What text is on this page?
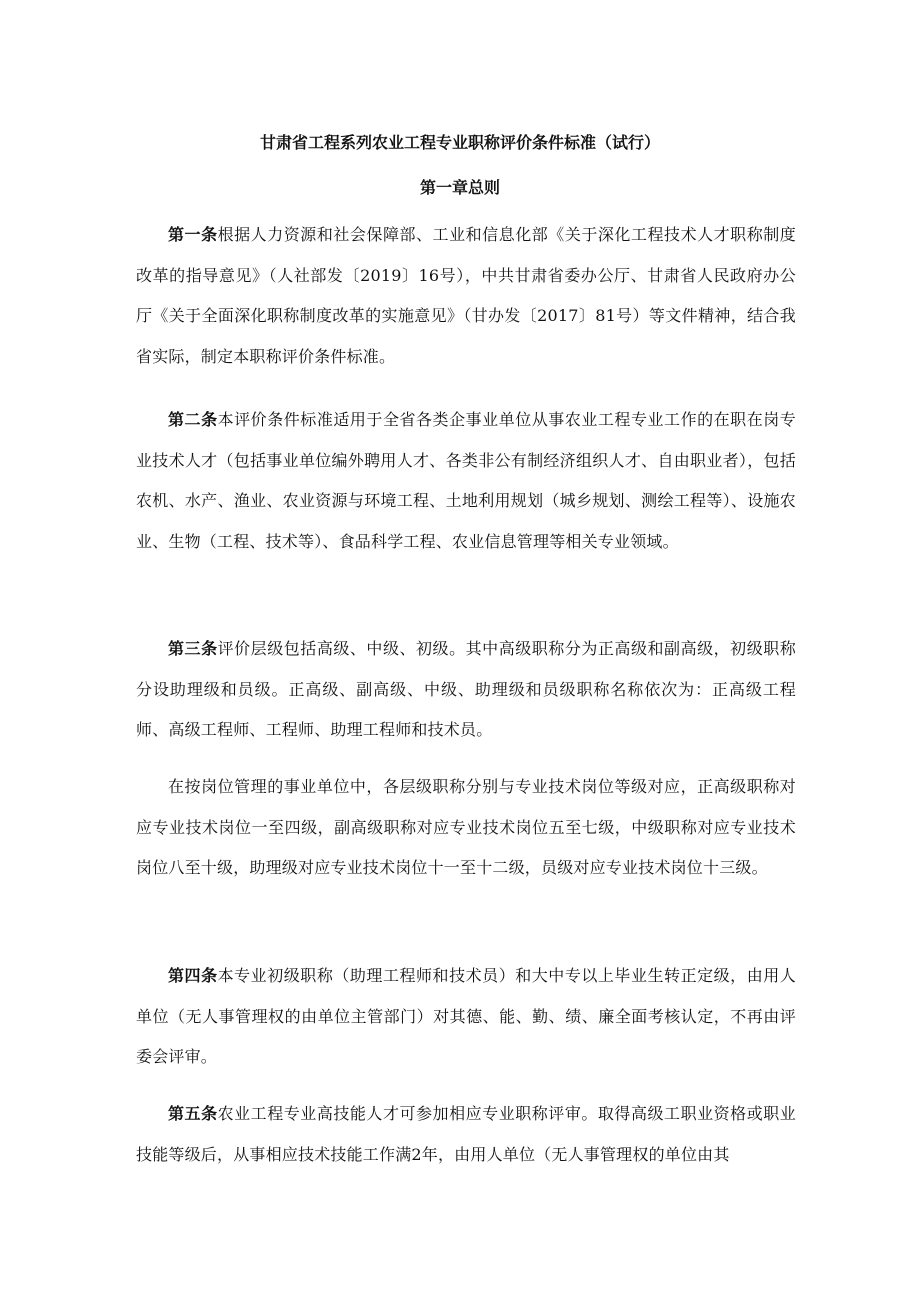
甘肃省工程系列农业工程专业职称评价条件标准（试行）
第一章总则

第一条根据人力资源和社会保障部、工业和信息化部《关于深化工程技术人才职称制度改革的指导意见》（人社部发〔2019〕16号），中共甘肃省委办公厅、甘肃省人民政府办公厅《关于全面深化职称制度改革的实施意见》（甘办发〔2017〕81号）等文件精神，结合我省实际，制定本职称评价条件标准。

第二条本评价条件标准适用于全省各类企事业单位从事农业工程专业工作的在职在岗专业技术人才（包括事业单位编外聘用人才、各类非公有制经济组织人才、自由职业者），包括农机、水产、渔业、农业资源与环境工程、土地利用规划（城乡规划、测绘工程等）、设施农业、生物（工程、技术等）、食品科学工程、农业信息管理等相关专业领域。

第三条评价层级包括高级、中级、初级。其中高级职称分为正高级和副高级，初级职称分设助理级和员级。正高级、副高级、中级、助理级和员级职称名称依次为：正高级工程师、高级工程师、工程师、助理工程师和技术员。

在按岗位管理的事业单位中，各层级职称分别与专业技术岗位等级对应，正高级职称对应专业技术岗位一至四级，副高级职称对应专业技术岗位五至七级，中级职称对应专业技术岗位八至十级，助理级对应专业技术岗位十一至十二级，员级对应专业技术岗位十三级。

第四条本专业初级职称（助理工程师和技术员）和大中专以上毕业生转正定级，由用人单位（无人事管理权的由单位主管部门）对其德、能、勤、绩、廉全面考核认定，不再由评委会评审。

第五条农业工程专业高技能人才可参加相应专业职称评审。取得高级工职业资格或职业技能等级后，从事相应技术技能工作满2年，由用人单位（无人事管理权的单位由其
